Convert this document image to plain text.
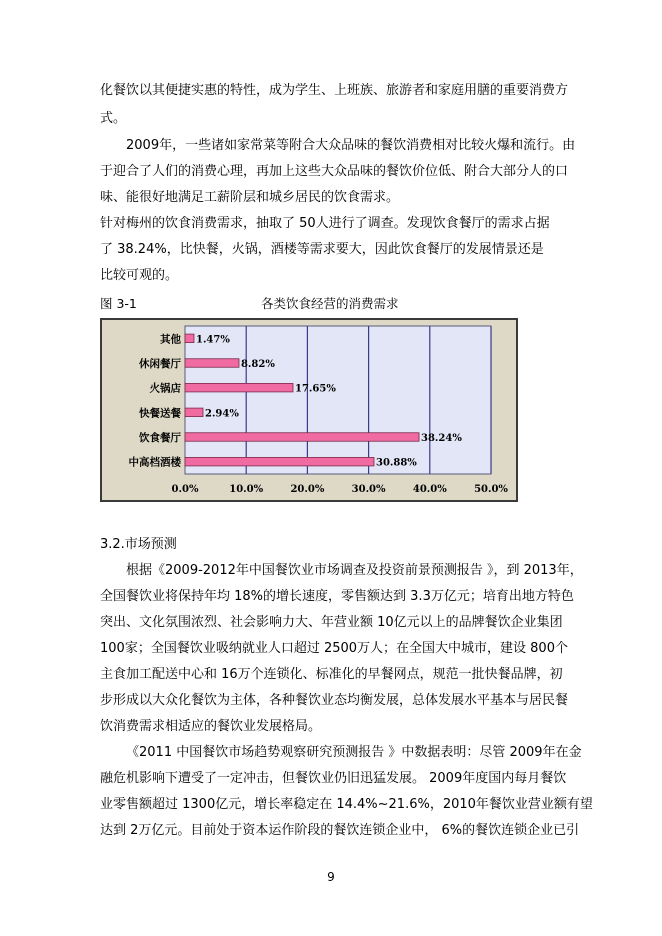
化餐饮以其便捷实惠的特性，成为学生、上班族、旅游者和家庭用膳的重要消费方
式。
2009年，一些诸如家常菜等附合大众品味的餐饮消费相对比较火爆和流行。由
于迎合了人们的消费心理，再加上这些大众品味的餐饮价位低、附合大部分人的口
味、能很好地满足工薪阶层和城乡居民的饮食需求。
针对梅州的饮食消费需求，抽取了 50人进行了调查。发现饮食餐厅的需求占据
了 38.24%，比快餐，火锅，酒楼等需求要大，因此饮食餐厅的发展情景还是
比较可观的。
图 3-1	各类饮食经营的消费需求
0.0%	10.0%	20.0%	30.0%	40.0%	50.0%
1.47%
其他
8.82%
休闲餐厅
17.65%
火锅店
2.94%
快餐送餐
38.24%
饮食餐厅
30.88%
中高档酒楼
3.2.市场预测
根据《2009-2012年中国餐饮业市场调查及投资前景预测报告 》，到 2013年，
全国餐饮业将保持年均 18%的增长速度，零售额达到 3.3万亿元；培育出地方特色
突出、文化氛围浓烈、社会影响力大、年营业额 10亿元以上的品牌餐饮企业集团
100家；全国餐饮业吸纳就业人口超过 2500万人；在全国大中城市，建设 800个
主食加工配送中心和 16万个连锁化、标准化的早餐网点，规范一批快餐品牌，初
步形成以大众化餐饮为主体，各种餐饮业态均衡发展，总体发展水平基本与居民餐
饮消费需求相适应的餐饮业发展格局。
《2011 中国餐饮市场趋势观察研究预测报告 》中数据表明：尽管 2009年在金
融危机影响下遭受了一定冲击，但餐饮业仍旧迅猛发展。 2009年度国内每月餐饮
业零售额超过 1300亿元，增长率稳定在 14.4%~21.6%，2010年餐饮业营业额有望
达到 2万亿元。目前处于资本运作阶段的餐饮连锁企业中， 6%的餐饮连锁企业已引
9
